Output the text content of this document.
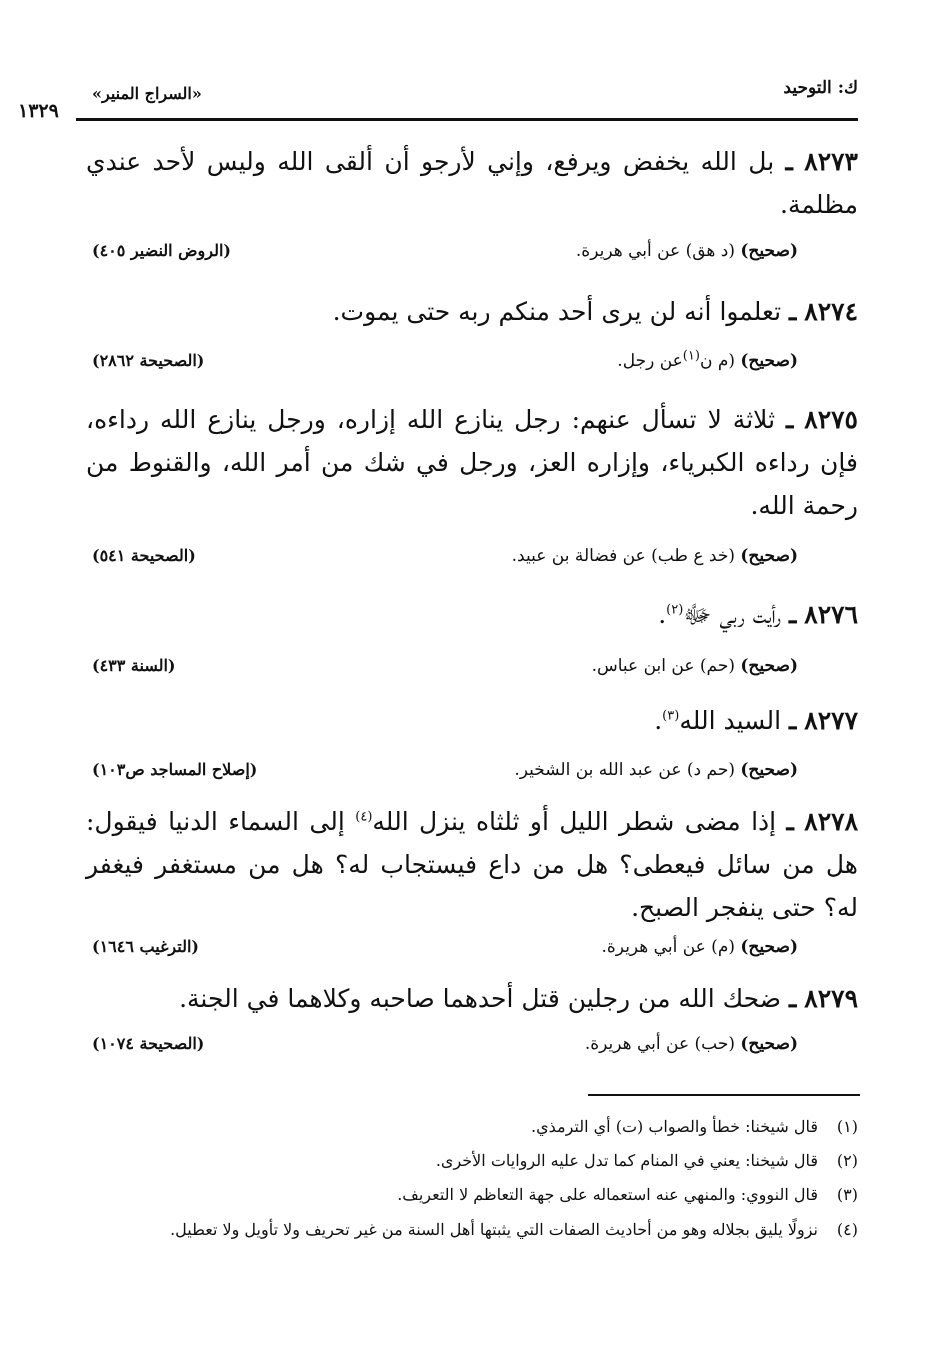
ك: التوحيد
«السراج المنير»
١٣٢٩
٨٢٧٣ ـ بل الله يخفض ويرفع، وإني لأرجو أن ألقى الله وليس لأحد عندي مظلمة.
(صحيح) (د هق) عن أبي هريرة.
(الروض النضير ٤٠٥)
٨٢٧٤ ـ تعلموا أنه لن يرى أحد منكم ربه حتى يموت.
(صحيح) (م ن$^{(١)}$عن رجل.
(الصحيحة ٢٨٦٢)
٨٢٧٥ ـ ثلاثة لا تسأل عنهم: رجل ينازع الله إزاره، ورجل ينازع الله رداءه، فإن رداءه الكبرياء، وإزاره العز، ورجل في شك من أمر الله، والقنوط من رحمة الله.
(صحيح) (خد ع طب) عن فضالة بن عبيد.
(الصحيحة ٥٤١)
٨٢٧٦ ـ رأيت ربي ﷻ$^{(٢)}$.
(صحيح) (حم) عن ابن عباس.
(السنة ٤٣٣)
٨٢٧٧ ـ السيد الله$^{(٣)}$.
(صحيح) (حم د) عن عبد الله بن الشخير.
(إصلاح المساجد ص١٠٣)
٨٢٧٨ ـ إذا مضى شطر الليل أو ثلثاه ينزل الله$^{(٤)}$ إلى السماء الدنيا فيقول: هل من سائل فيعطى؟ هل من داع فيستجاب له؟ هل من مستغفر فيغفر له؟ حتى ينفجر الصبح.
(صحيح) (م) عن أبي هريرة.
(الترغيب ١٦٤٦)
٨٢٧٩ ـ ضحك الله من رجلين قتل أحدهما صاحبه وكلاهما في الجنة.
(صحيح) (حب) عن أبي هريرة.
(الصحيحة ١٠٧٤)
(١)قال شيخنا: خطأ والصواب (ت) أي الترمذي.
(٢)قال شيخنا: يعني في المنام كما تدل عليه الروايات الأخرى.
(٣)قال النووي: والمنهي عنه استعماله على جهة التعاظم لا التعريف.
(٤)نزولًا يليق بجلاله وهو من أحاديث الصفات التي يثبتها أهل السنة من غير تحريف ولا تأويل ولا تعطيل.
